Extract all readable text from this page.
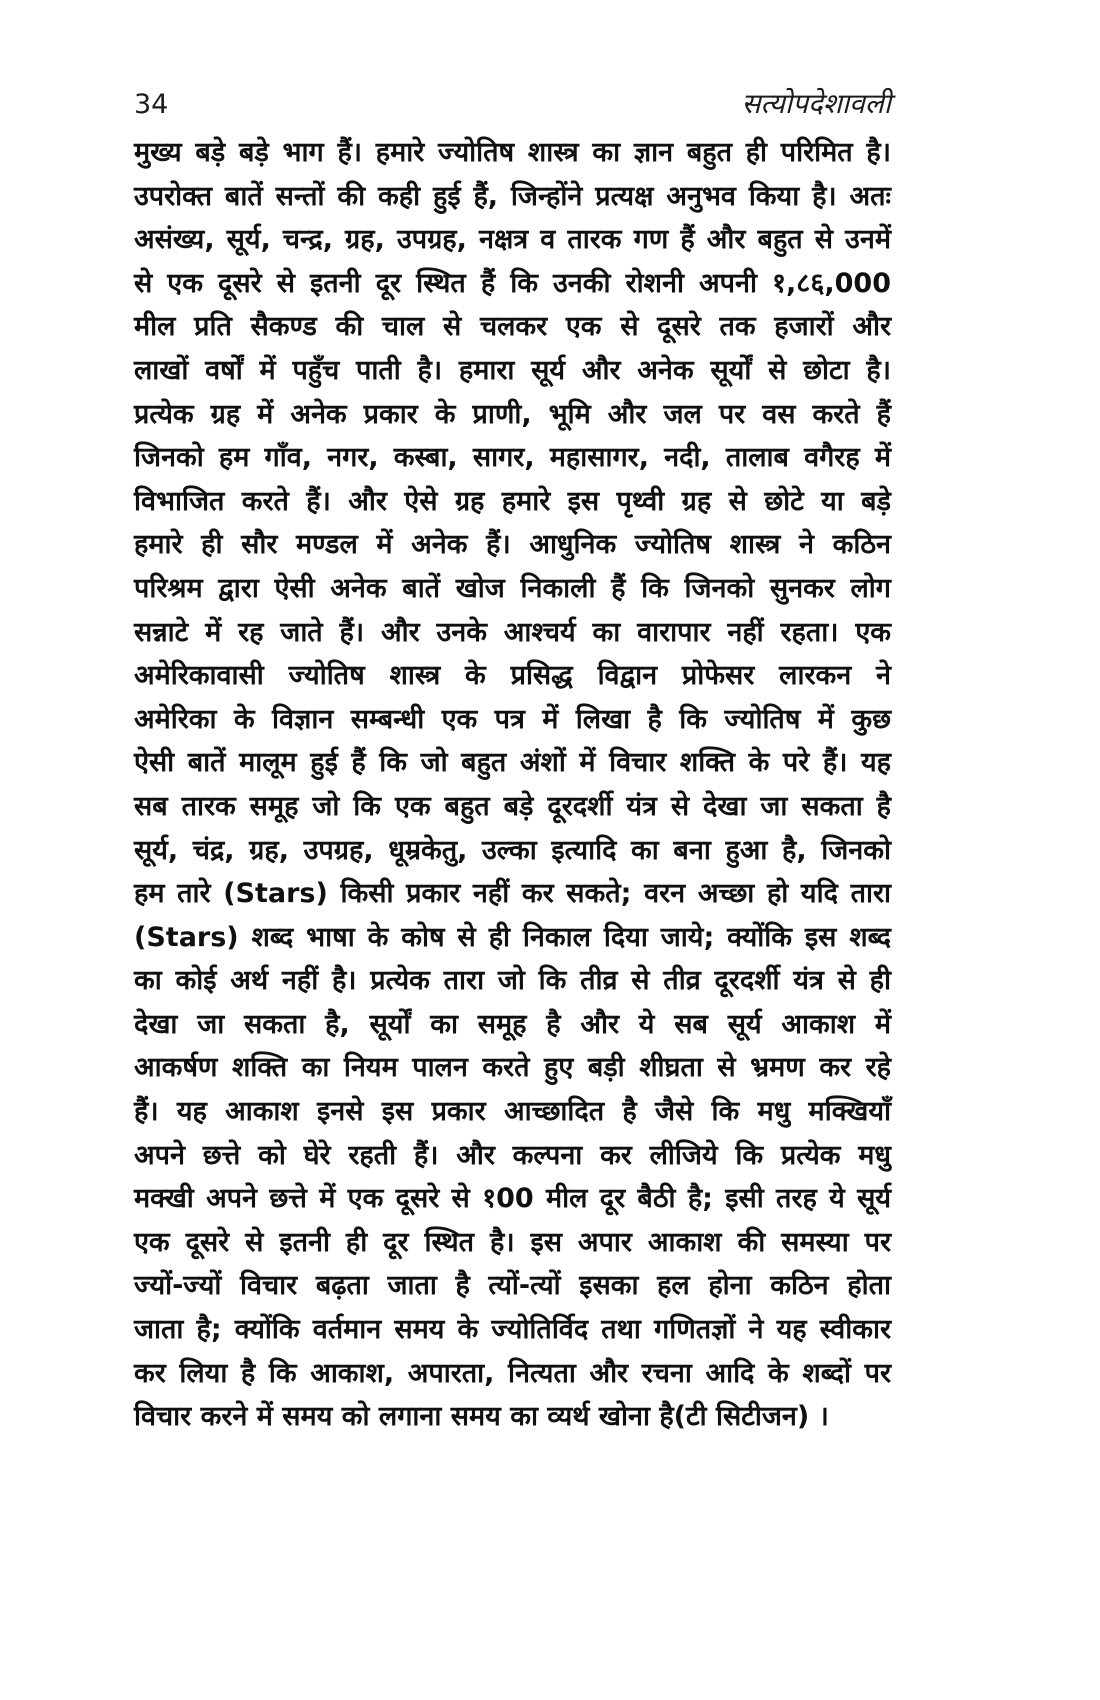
34	सत्योपदेशावली
मुख्य बड़े बड़े भाग हैं। हमारे ज्योतिष शास्त्र का ज्ञान बहुत ही परिमित है।
उपरोक्त बातें सन्तों की कही हुई हैं, जिन्होंने प्रत्यक्ष अनुभव किया है। अतः
असंख्य, सूर्य, चन्द्र, ग्रह, उपग्रह, नक्षत्र व तारक गण हैं और बहुत से उनमें
से एक दूसरे से इतनी दूर स्थित हैं कि उनकी रोशनी अपनी १,८६,000
मील प्रति सैकण्ड की चाल से चलकर एक से दूसरे तक हजारों और
लाखों वर्षों में पहुँच पाती है। हमारा सूर्य और अनेक सूर्यों से छोटा है।
प्रत्येक ग्रह में अनेक प्रकार के प्राणी, भूमि और जल पर वस करते हैं
जिनको हम गाँव, नगर, कस्बा, सागर, महासागर, नदी, तालाब वगैरह में
विभाजित करते हैं। और ऐसे ग्रह हमारे इस पृथ्वी ग्रह से छोटे या बड़े
हमारे ही सौर मण्डल में अनेक हैं। आधुनिक ज्योतिष शास्त्र ने कठिन
परिश्रम द्वारा ऐसी अनेक बातें खोज निकाली हैं कि जिनको सुनकर लोग
सन्नाटे में रह जाते हैं। और उनके आश्चर्य का वारापार नहीं रहता। एक
अमेरिकावासी ज्योतिष शास्त्र के प्रसिद्ध विद्वान प्रोफेसर लारकन ने
अमेरिका के विज्ञान सम्बन्धी एक पत्र में लिखा है कि ज्योतिष में कुछ
ऐसी बातें मालूम हुई हैं कि जो बहुत अंशों में विचार शक्ति के परे हैं। यह
सब तारक समूह जो कि एक बहुत बड़े दूरदर्शी यंत्र से देखा जा सकता है
सूर्य, चंद्र, ग्रह, उपग्रह, धूम्रकेतु, उल्का इत्यादि का बना हुआ है, जिनको
हम तारे (Stars) किसी प्रकार नहीं कर सकते; वरन अच्छा हो यदि तारा
(Stars) शब्द भाषा के कोष से ही निकाल दिया जाये; क्योंकि इस शब्द
का कोई अर्थ नहीं है। प्रत्येक तारा जो कि तीव्र से तीव्र दूरदर्शी यंत्र से ही
देखा जा सकता है, सूर्यों का समूह है और ये सब सूर्य आकाश में
आकर्षण शक्ति का नियम पालन करते हुए बड़ी शीघ्रता से भ्रमण कर रहे
हैं। यह आकाश इनसे इस प्रकार आच्छादित है जैसे कि मधु मक्खियाँ
अपने छत्ते को घेरे रहती हैं। और कल्पना कर लीजिये कि प्रत्येक मधु
मक्खी अपने छत्ते में एक दूसरे से १00 मील दूर बैठी है; इसी तरह ये सूर्य
एक दूसरे से इतनी ही दूर स्थित है। इस अपार आकाश की समस्या पर
ज्यों-ज्यों विचार बढ़ता जाता है त्यों-त्यों इसका हल होना कठिन होता
जाता है; क्योंकि वर्तमान समय के ज्योतिर्विद तथा गणितज्ञों ने यह स्वीकार
कर लिया है कि आकाश, अपारता, नित्यता और रचना आदि के शब्दों पर
विचार करने में समय को लगाना समय का व्यर्थ खोना है(टी सिटीजन) ।
